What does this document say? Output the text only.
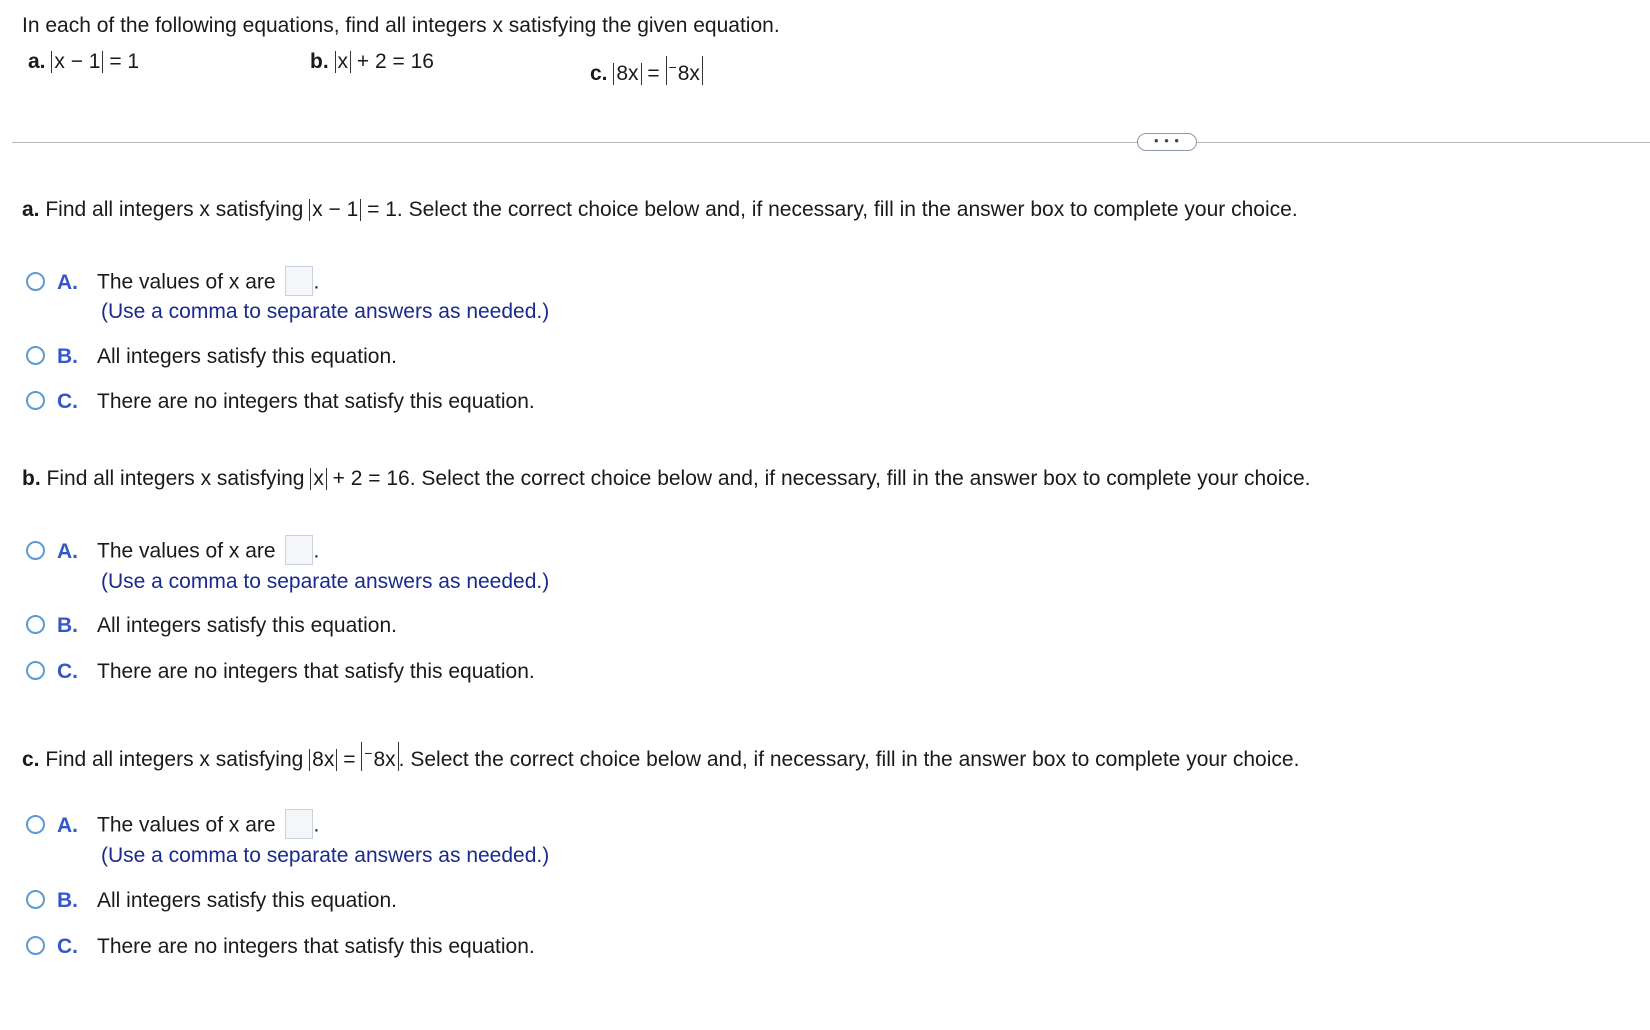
In each of the following equations, find all integers x satisfying the given equation.
a. x − 1 = 1	b. x + 2 = 16
c. 8x = −8x
• • •
a. Find all integers x satisfying x − 1 = 1. Select the correct choice below and, if necessary, fill in the answer box to complete your choice.
A. The values of x are .
(Use a comma to separate answers as needed.)
B. All integers satisfy this equation.
C. There are no integers that satisfy this equation.
b. Find all integers x satisfying x + 2 = 16. Select the correct choice below and, if necessary, fill in the answer box to complete your choice.
A. The values of x are .
(Use a comma to separate answers as needed.)
B. All integers satisfy this equation.
C. There are no integers that satisfy this equation.
c. Find all integers x satisfying 8x = −8x . Select the correct choice below and, if necessary, fill in the answer box to complete your choice.
A. The values of x are .
(Use a comma to separate answers as needed.)
B. All integers satisfy this equation.
C. There are no integers that satisfy this equation.
